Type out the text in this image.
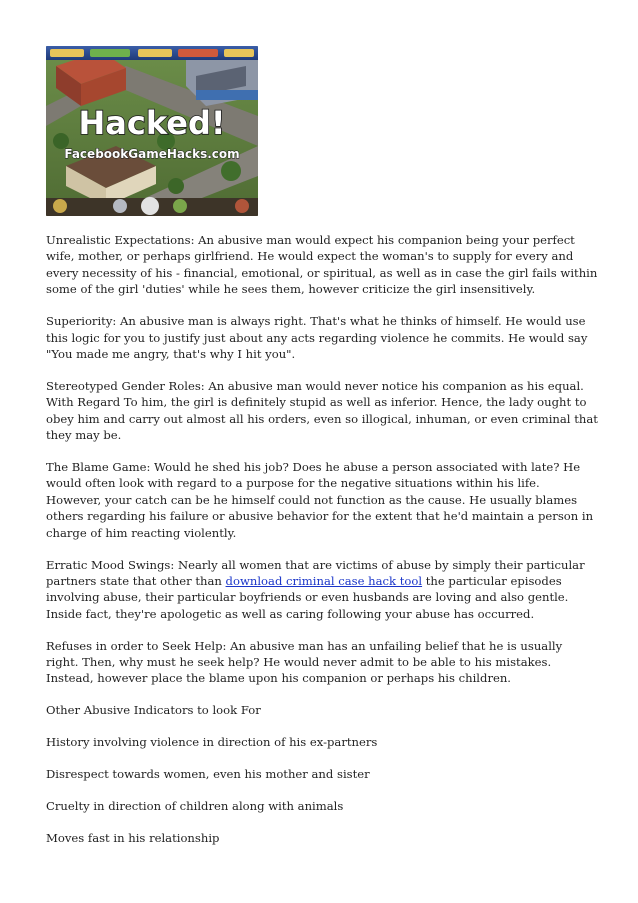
Hacked!
FacebookGameHacks.com

Unrealistic Expectations: An abusive man would expect his companion being your perfect wife, mother, or perhaps girlfriend. He would expect the woman's to supply for every and every necessity of his - financial, emotional, or spiritual, as well as in case the girl fails within some of the girl 'duties' while he sees them, however criticize the girl insensitively.

Superiority: An abusive man is always right. That's what he thinks of himself. He would use this logic for you to justify just about any acts regarding violence he commits. He would say "You made me angry, that's why I hit you".

Stereotyped Gender Roles: An abusive man would never notice his companion as his equal. With Regard To him, the girl is definitely stupid as well as inferior. Hence, the lady ought to obey him and carry out almost all his orders, even so illogical, inhuman, or even criminal that they may be.

The Blame Game: Would he shed his job? Does he abuse a person associated with late? He would often look with regard to a purpose for the negative situations within his life. However, your catch can be he himself could not function as the cause. He usually blames others regarding his failure or abusive behavior for the extent that he'd maintain a person in charge of him reacting violently.

Erratic Mood Swings: Nearly all women that are victims of abuse by simply their particular partners state that other than download criminal case hack tool the particular episodes involving abuse, their particular boyfriends or even husbands are loving and also gentle. Inside fact, they're apologetic as well as caring following your abuse has occurred.

Refuses in order to Seek Help: An abusive man has an unfailing belief that he is usually right. Then, why must he seek help? He would never admit to be able to his mistakes. Instead, however place the blame upon his companion or perhaps his children.

Other Abusive Indicators to look For

History involving violence in direction of his ex-partners

Disrespect towards women, even his mother and sister

Cruelty in direction of children along with animals

Moves fast in his relationship
